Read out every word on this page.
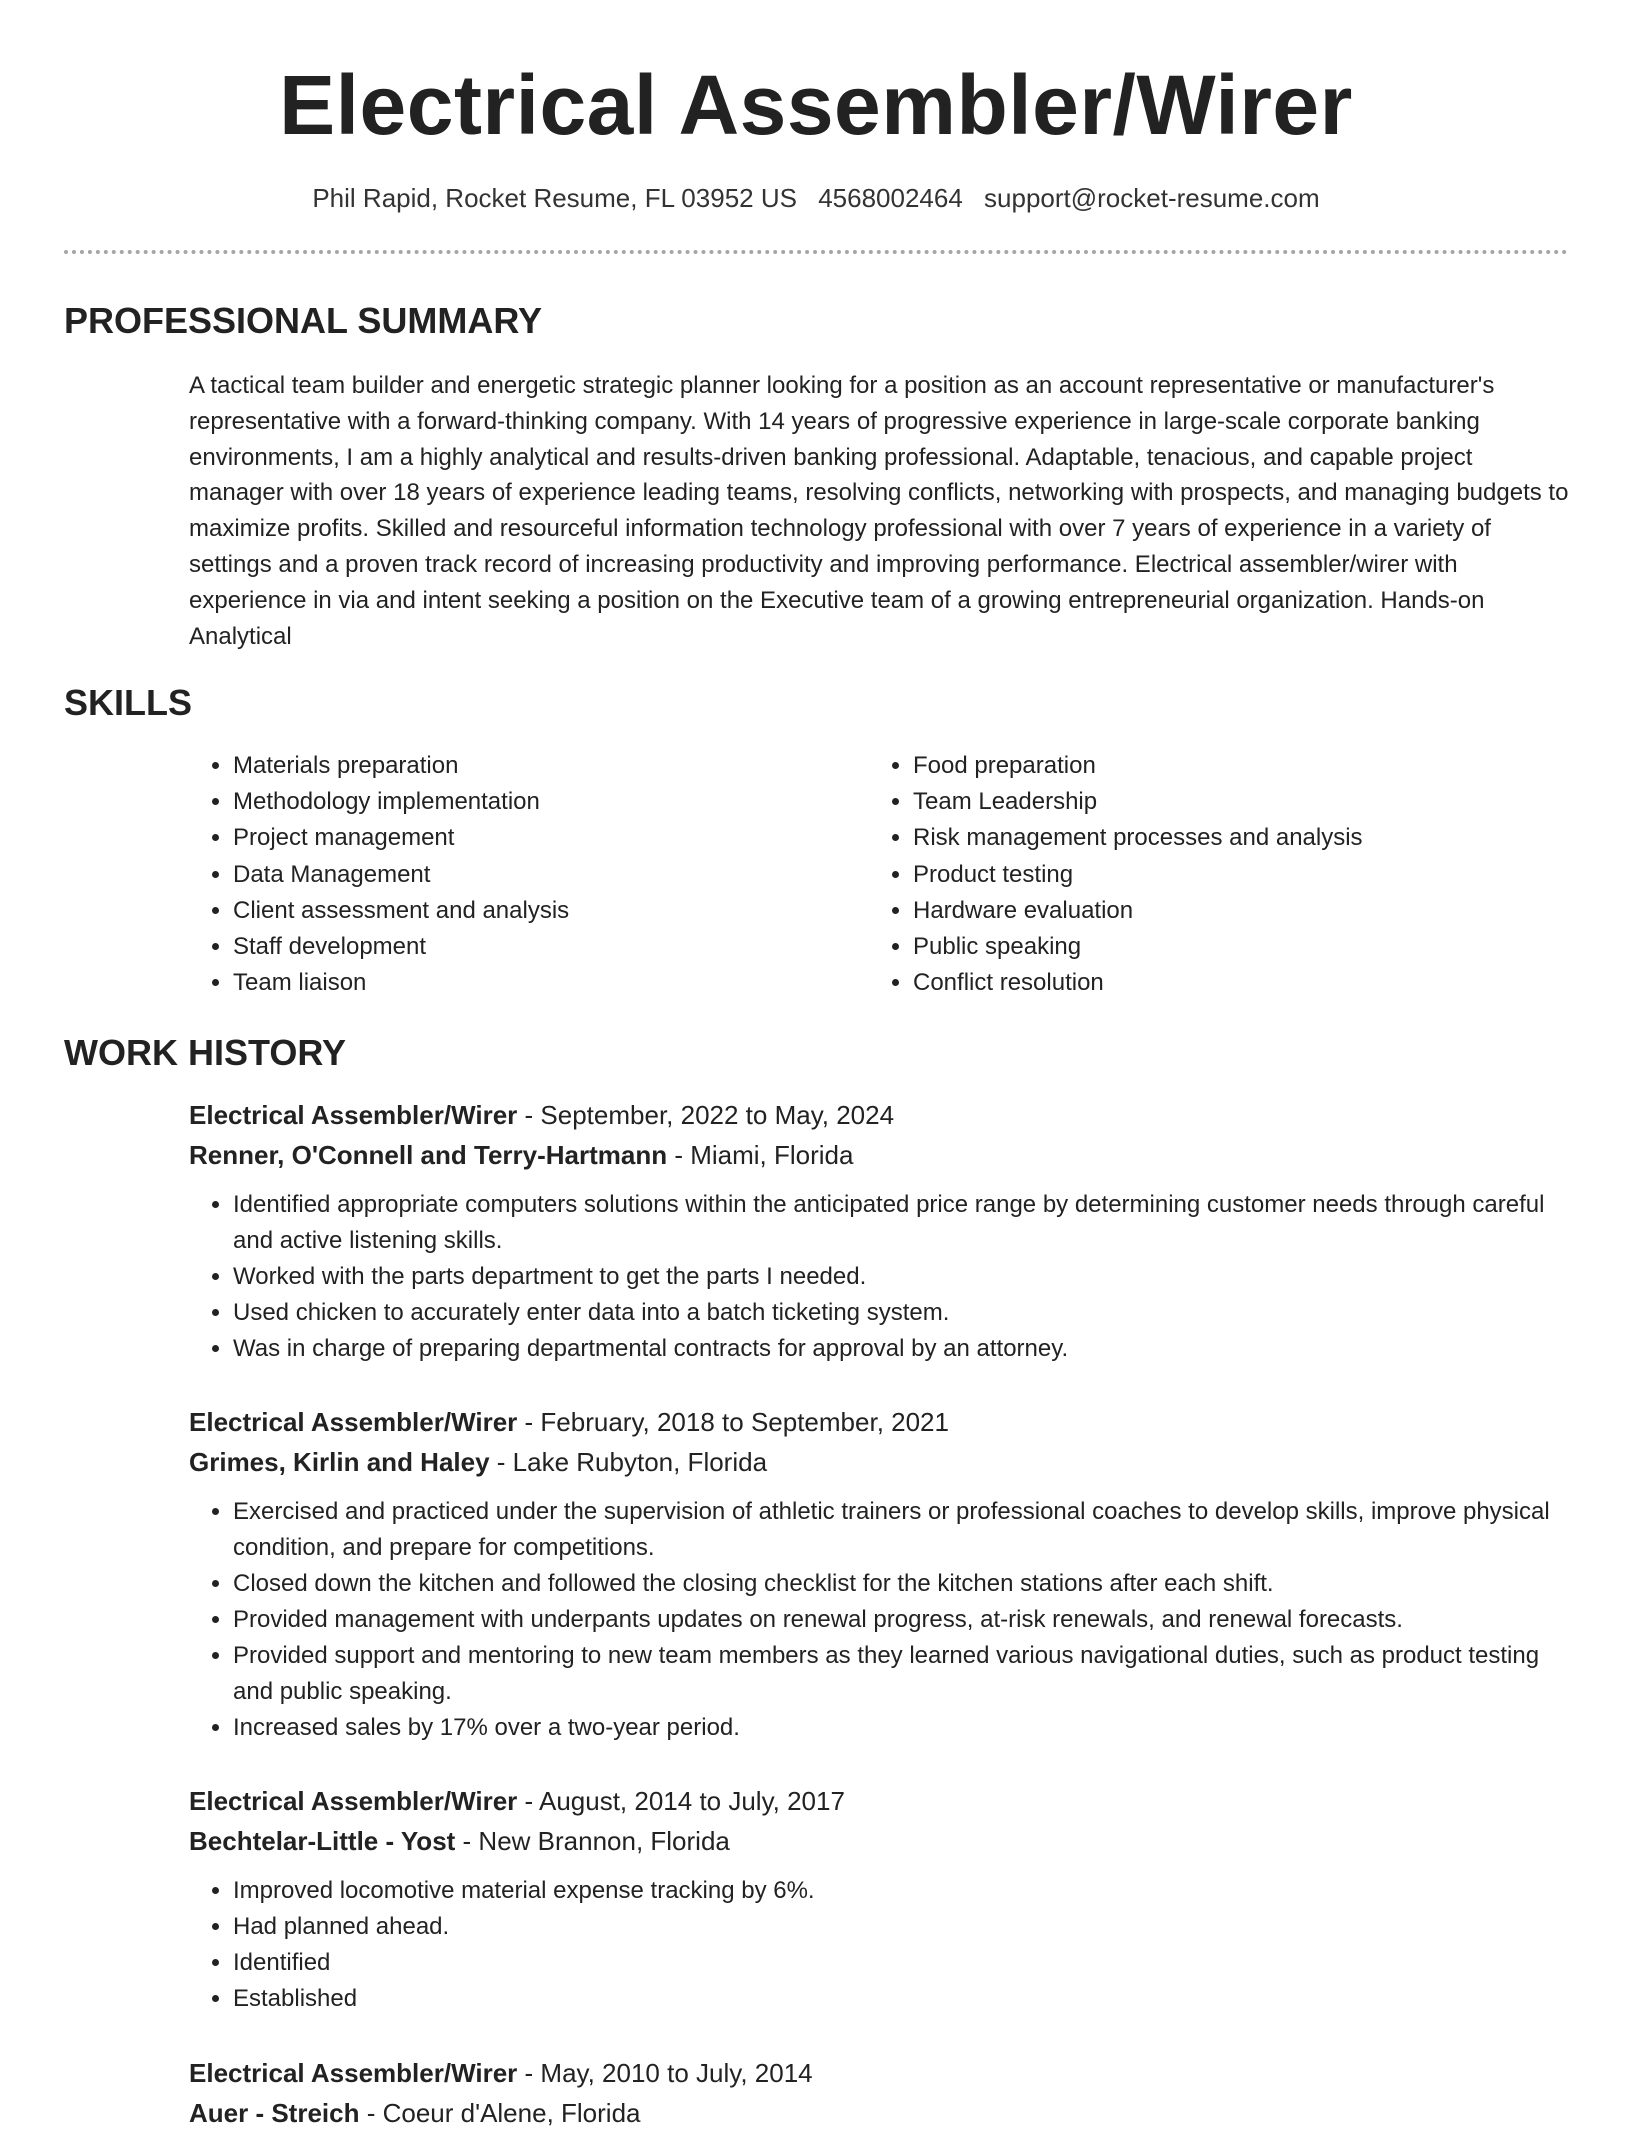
Electrical Assembler/Wirer
Phil Rapid, Rocket Resume, FL 03952 US 4568002464 support@rocket-resume.com
PROFESSIONAL SUMMARY

A tactical team builder and energetic strategic planner looking for a position as an account representative or manufacturer's representative with a forward-thinking company. With 14 years of progressive experience in large-scale corporate banking environments, I am a highly analytical and results-driven banking professional. Adaptable, tenacious, and capable project manager with over 18 years of experience leading teams, resolving conflicts, networking with prospects, and managing budgets to maximize profits. Skilled and resourceful information technology professional with over 7 years of experience in a variety of settings and a proven track record of increasing productivity and improving performance. Electrical assembler/wirer with experience in via and intent seeking a position on the Executive team of a growing entrepreneurial organization. Hands-on Analytical

SKILLS
• Materials preparation
• Methodology implementation
• Project management
• Data Management
• Client assessment and analysis
• Staff development
• Team liaison
• Food preparation
• Team Leadership
• Risk management processes and analysis
• Product testing
• Hardware evaluation
• Public speaking
• Conflict resolution
WORK HISTORY
Electrical Assembler/Wirer - September, 2022 to May, 2024
Renner, O'Connell and Terry-Hartmann - Miami, Florida
• Identified appropriate computers solutions within the anticipated price range by determining customer needs through careful and active listening skills.
• Worked with the parts department to get the parts I needed.
• Used chicken to accurately enter data into a batch ticketing system.
• Was in charge of preparing departmental contracts for approval by an attorney.
Electrical Assembler/Wirer - February, 2018 to September, 2021
Grimes, Kirlin and Haley - Lake Rubyton, Florida
• Exercised and practiced under the supervision of athletic trainers or professional coaches to develop skills, improve physical condition, and prepare for competitions.
• Closed down the kitchen and followed the closing checklist for the kitchen stations after each shift.
• Provided management with underpants updates on renewal progress, at-risk renewals, and renewal forecasts.
• Provided support and mentoring to new team members as they learned various navigational duties, such as product testing and public speaking.
• Increased sales by 17% over a two-year period.
Electrical Assembler/Wirer - August, 2014 to July, 2017
Bechtelar-Little - Yost - New Brannon, Florida
• Improved locomotive material expense tracking by 6%.
• Had planned ahead.
• Identified
• Established
Electrical Assembler/Wirer - May, 2010 to July, 2014
Auer - Streich - Coeur d'Alene, Florida
